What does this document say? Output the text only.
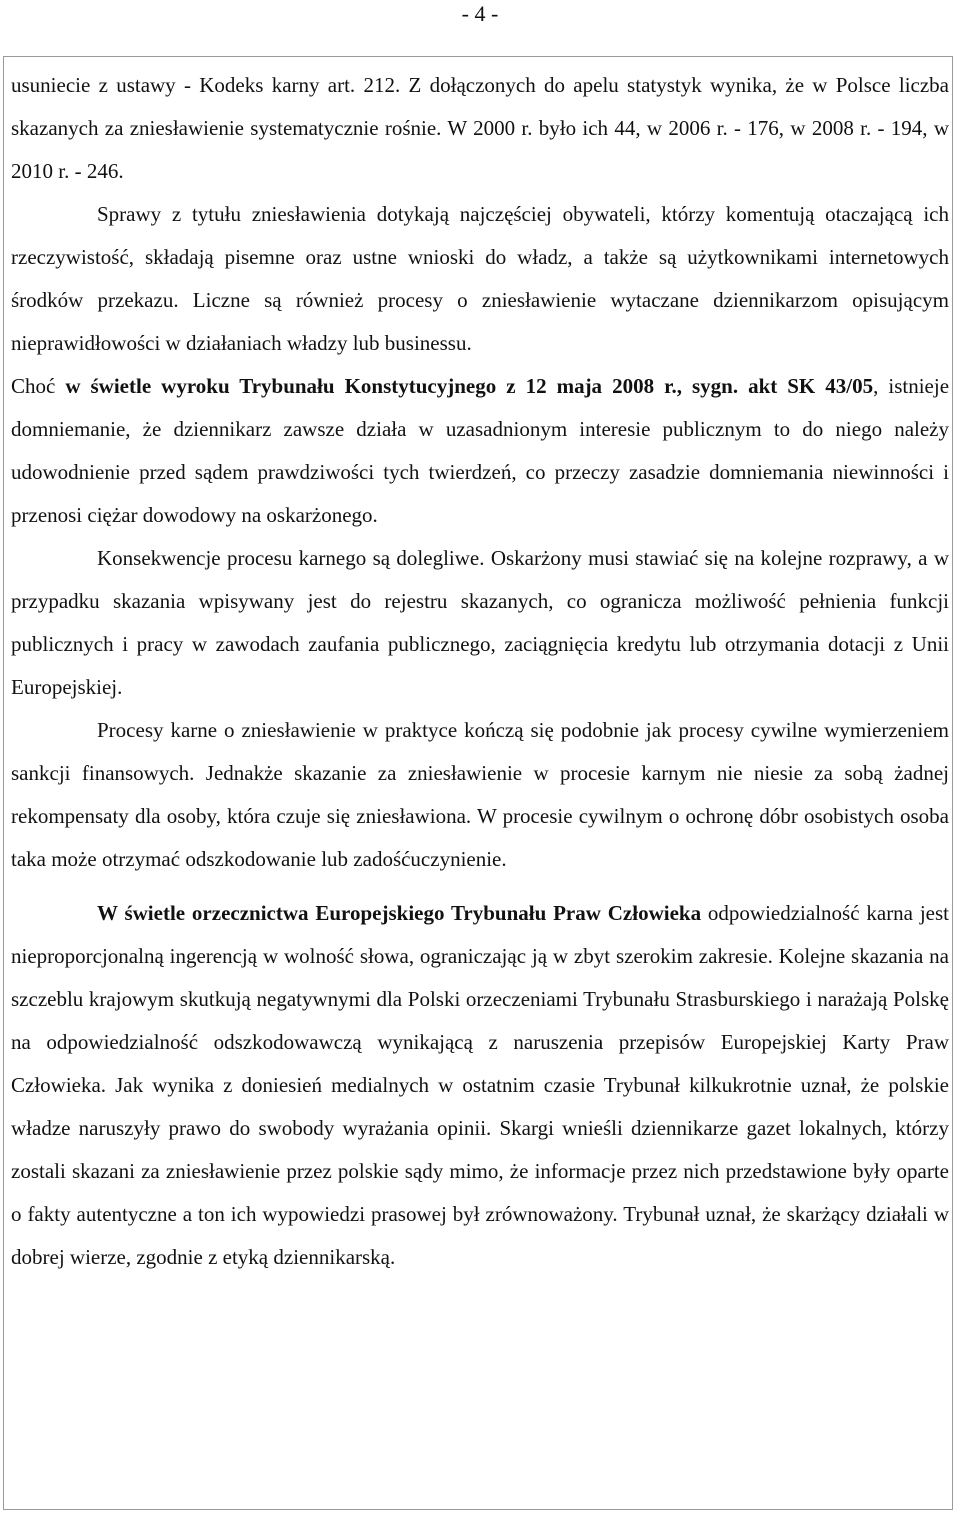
- 4 -

usuniecie z ustawy - Kodeks karny art. 212. Z dołączonych do apelu statystyk wynika, że w Polsce liczba skazanych za zniesławienie systematycznie rośnie. W 2000 r. było ich 44, w 2006 r. - 176, w 2008 r. - 194, w 2010 r. - 246.

Sprawy z tytułu zniesławienia dotykają najczęściej obywateli, którzy komentują otaczającą ich rzeczywistość, składają pisemne oraz ustne wnioski do władz, a także są użytkownikami internetowych środków przekazu. Liczne są również procesy o zniesławienie wytaczane dziennikarzom opisującym nieprawidłowości w działaniach władzy lub businessu.

Choć w świetle wyroku Trybunału Konstytucyjnego z 12 maja 2008 r., sygn. akt SK 43/05, istnieje domniemanie, że dziennikarz zawsze działa w uzasadnionym interesie publicznym to do niego należy udowodnienie przed sądem prawdziwości tych twierdzeń, co przeczy zasadzie domniemania niewinności i przenosi ciężar dowodowy na oskarżonego.

Konsekwencje procesu karnego są dolegliwe. Oskarżony musi stawiać się na kolejne rozprawy, a w przypadku skazania wpisywany jest do rejestru skazanych, co ogranicza możliwość pełnienia funkcji publicznych i pracy w zawodach zaufania publicznego, zaciągnięcia kredytu lub otrzymania dotacji z Unii Europejskiej.

Procesy karne o zniesławienie w praktyce kończą się podobnie jak procesy cywilne wymierzeniem sankcji finansowych. Jednakże skazanie za zniesławienie w procesie karnym nie niesie za sobą żadnej rekompensaty dla osoby, która czuje się zniesławiona. W procesie cywilnym o ochronę dóbr osobistych osoba taka może otrzymać odszkodowanie lub zadośćuczynienie.

W świetle orzecznictwa Europejskiego Trybunału Praw Człowieka odpowiedzialność karna jest nieproporcjonalną ingerencją w wolność słowa, ograniczając ją w zbyt szerokim zakresie. Kolejne skazania na szczeblu krajowym skutkują negatywnymi dla Polski orzeczeniami Trybunału Strasburskiego i narażają Polskę na odpowiedzialność odszkodowawczą wynikającą z naruszenia przepisów Europejskiej Karty Praw Człowieka. Jak wynika z doniesień medialnych w ostatnim czasie Trybunał kilkukrotnie uznał, że polskie władze naruszyły prawo do swobody wyrażania opinii. Skargi wnieśli dziennikarze gazet lokalnych, którzy zostali skazani za zniesławienie przez polskie sądy mimo, że informacje przez nich przedstawione były oparte o fakty autentyczne a ton ich wypowiedzi prasowej był zrównoważony. Trybunał uznał, że skarżący działali w dobrej wierze, zgodnie z etyką dziennikarską.
